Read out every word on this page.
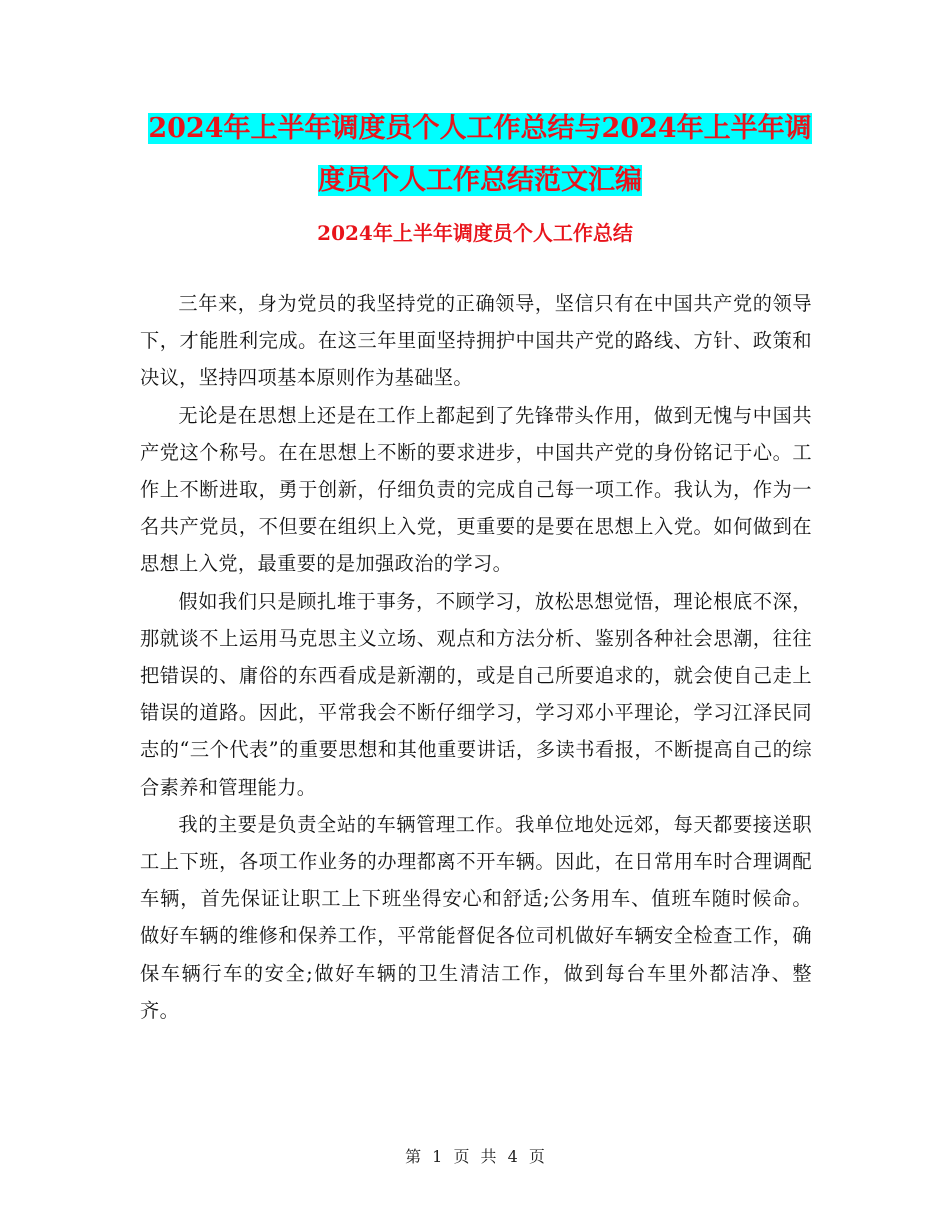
2024年上半年调度员个人工作总结与2024年上半年调
度员个人工作总结范文汇编
2024年上半年调度员个人工作总结

三年来，身为党员的我坚持党的正确领导，坚信只有在中国共产党的领导下，才能胜利完成。在这三年里面坚持拥护中国共产党的路线、方针、政策和决议，坚持四项基本原则作为基础坚。

无论是在思想上还是在工作上都起到了先锋带头作用，做到无愧与中国共产党这个称号。在在思想上不断的要求进步，中国共产党的身份铭记于心。工作上不断进取，勇于创新，仔细负责的完成自己每一项工作。我认为，作为一名共产党员，不但要在组织上入党，更重要的是要在思想上入党。如何做到在思想上入党，最重要的是加强政治的学习。

假如我们只是顾扎堆于事务，不顾学习，放松思想觉悟，理论根底不深，那就谈不上运用马克思主义立场、观点和方法分析、鉴别各种社会思潮，往往把错误的、庸俗的东西看成是新潮的，或是自己所要追求的，就会使自己走上错误的道路。因此，平常我会不断仔细学习，学习邓小平理论，学习江泽民同志的“三个代表”的重要思想和其他重要讲话，多读书看报，不断提高自己的综合素养和管理能力。

我的主要是负责全站的车辆管理工作。我单位地处远郊，每天都要接送职工上下班，各项工作业务的办理都离不开车辆。因此，在日常用车时合理调配车辆，首先保证让职工上下班坐得安心和舒适;公务用车、值班车随时候命。做好车辆的维修和保养工作，平常能督促各位司机做好车辆安全检查工作，确保车辆行车的安全;做好车辆的卫生清洁工作，做到每台车里外都洁净、整齐。

第 1 页 共 4 页
